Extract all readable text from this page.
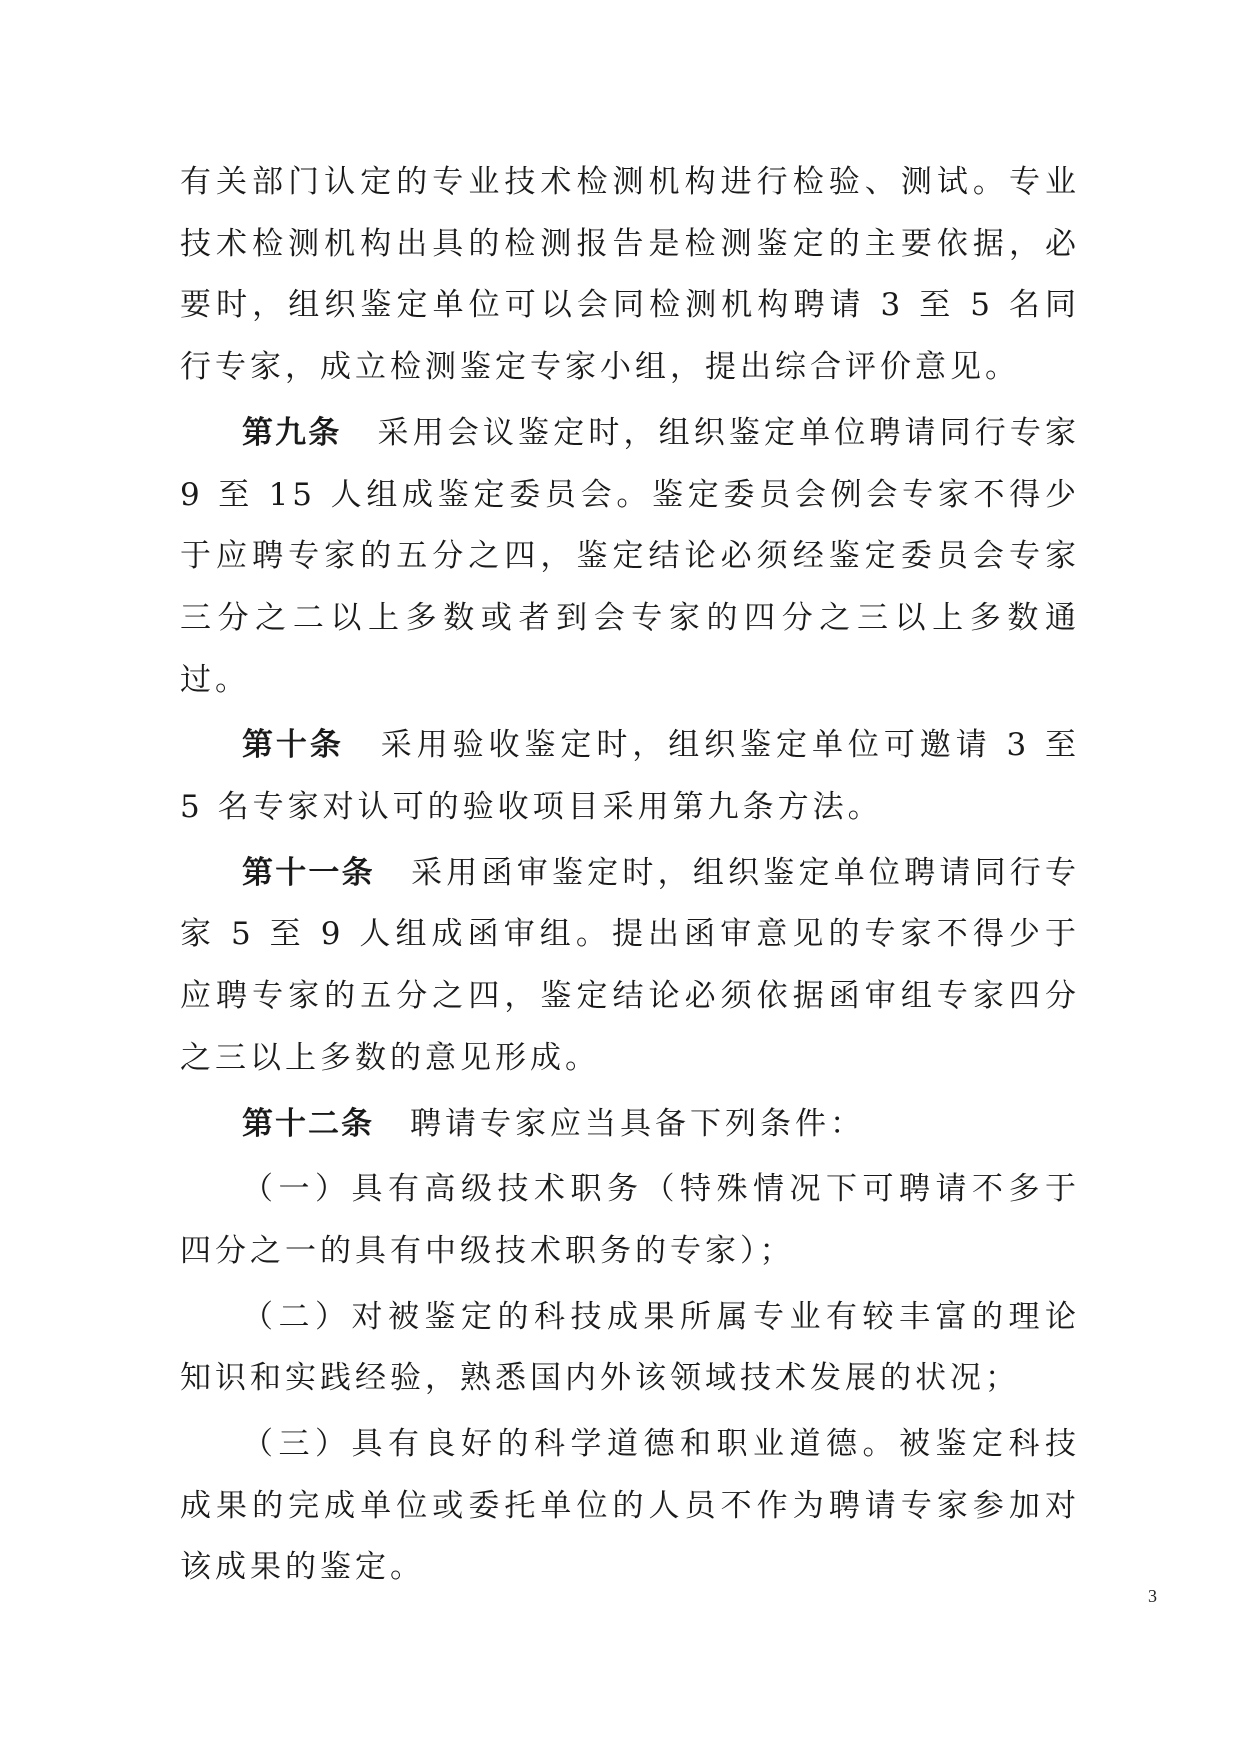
有关部门认定的专业技术检测机构进行检验、测试。专业技术检测机构出具的检测报告是检测鉴定的主要依据，必要时，组织鉴定单位可以会同检测机构聘请 3 至 5 名同行专家，成立检测鉴定专家小组，提出综合评价意见。

第九条 采用会议鉴定时，组织鉴定单位聘请同行专家 9 至 15 人组成鉴定委员会。鉴定委员会例会专家不得少于应聘专家的五分之四，鉴定结论必须经鉴定委员会专家三分之二以上多数或者到会专家的四分之三以上多数通过。

第十条 采用验收鉴定时，组织鉴定单位可邀请 3 至 5 名专家对认可的验收项目采用第九条方法。

第十一条 采用函审鉴定时，组织鉴定单位聘请同行专家 5 至 9 人组成函审组。提出函审意见的专家不得少于应聘专家的五分之四，鉴定结论必须依据函审组专家四分之三以上多数的意见形成。

第十二条 聘请专家应当具备下列条件：

（一）具有高级技术职务（特殊情况下可聘请不多于四分之一的具有中级技术职务的专家）；

（二）对被鉴定的科技成果所属专业有较丰富的理论知识和实践经验，熟悉国内外该领域技术发展的状况；

（三）具有良好的科学道德和职业道德。被鉴定科技成果的完成单位或委托单位的人员不作为聘请专家参加对该成果的鉴定。

3
